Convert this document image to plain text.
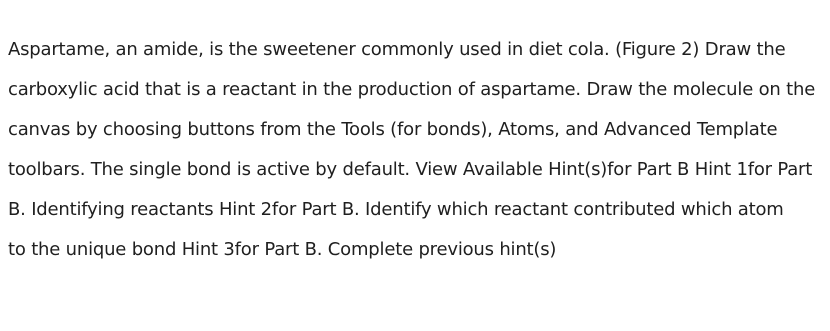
Aspartame, an amide, is the sweetener commonly used in diet cola. (Figure 2) Draw the
carboxylic acid that is a reactant in the production of aspartame. Draw the molecule on the
canvas by choosing buttons from the Tools (for bonds), Atoms, and Advanced Template
toolbars. The single bond is active by default. View Available Hint(s)for Part B Hint 1for Part
B. Identifying reactants Hint 2for Part B. Identify which reactant contributed which atom
to the unique bond Hint 3for Part B. Complete previous hint(s)
